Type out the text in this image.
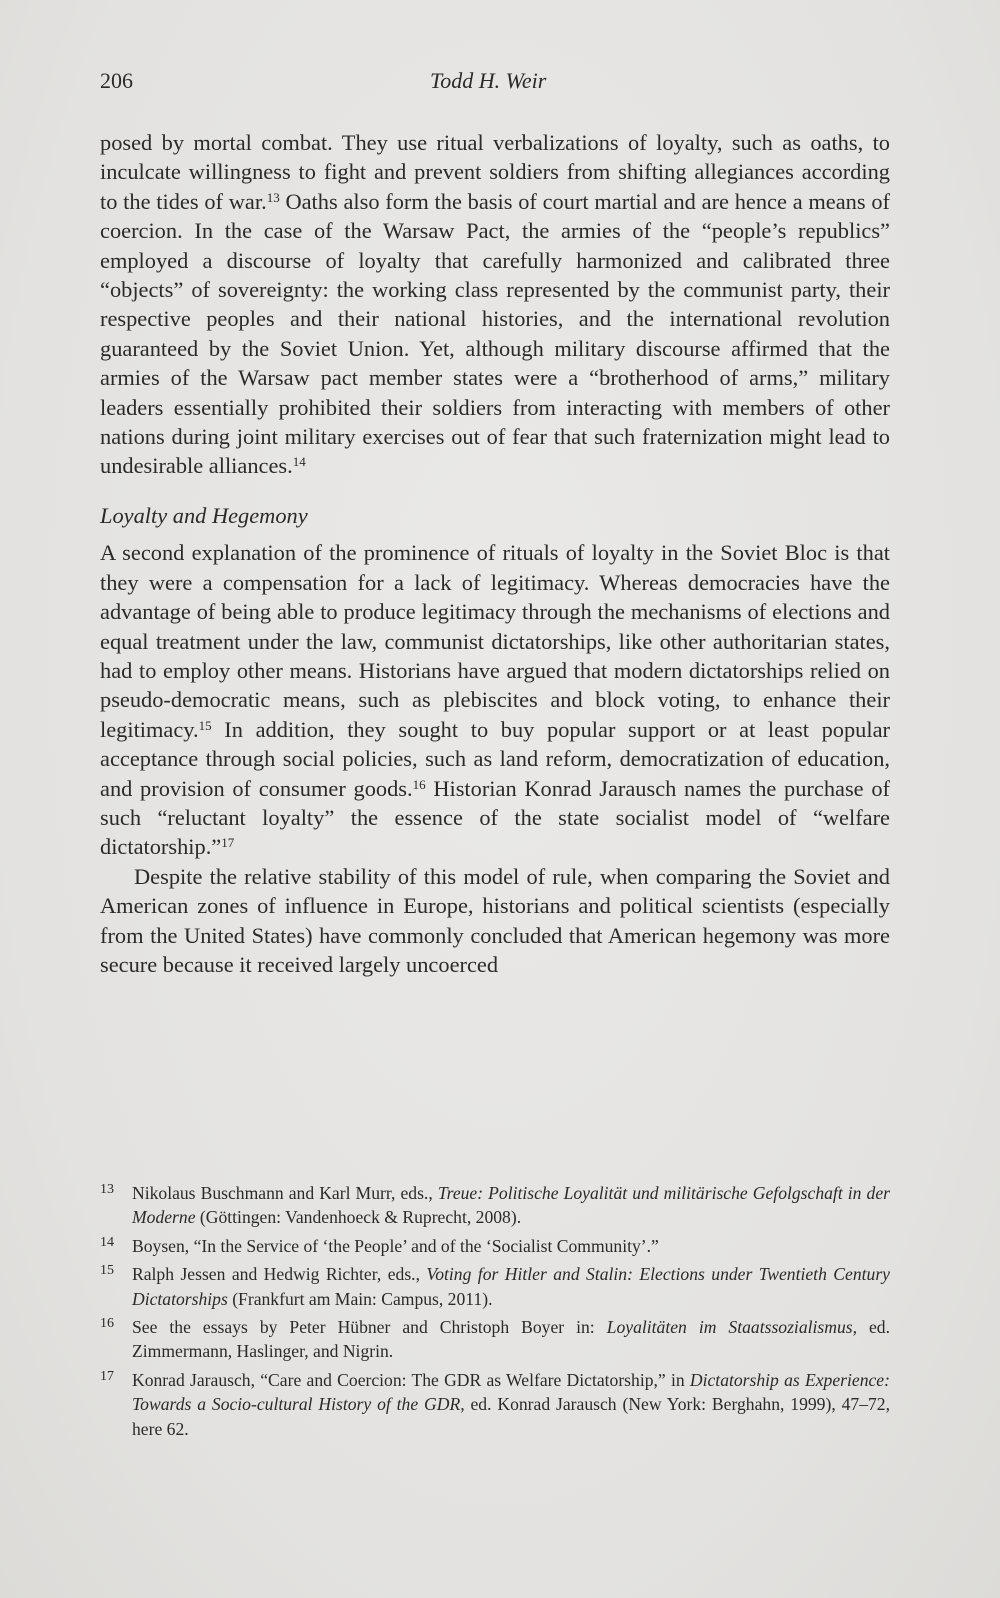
206	Todd H. Weir

posed by mortal combat. They use ritual verbalizations of loyalty, such as oaths, to inculcate willingness to fight and prevent soldiers from shifting allegiances according to the tides of war.$^{13}$ Oaths also form the basis of court martial and are hence a means of coercion. In the case of the Warsaw Pact, the armies of the “people’s republics” employed a discourse of loyalty that carefully harmonized and calibrated three “objects” of sovereignty: the working class represented by the communist party, their respective peoples and their national histories, and the international revolution guaranteed by the Soviet Union. Yet, although military discourse affirmed that the armies of the Warsaw pact member states were a “brotherhood of arms,” military leaders essentially prohibited their soldiers from interacting with members of other nations during joint military exercises out of fear that such fraternization might lead to undesirable alliances.$^{14}$

Loyalty and Hegemony

A second explanation of the prominence of rituals of loyalty in the Soviet Bloc is that they were a compensation for a lack of legitimacy. Whereas democracies have the advantage of being able to produce legitimacy through the mechanisms of elections and equal treatment under the law, communist dictatorships, like other authoritarian states, had to employ other means. Historians have argued that modern dictatorships relied on pseudo-democratic means, such as plebiscites and block voting, to enhance their legitimacy.$^{15}$ In addition, they sought to buy popular support or at least popular acceptance through social policies, such as land reform, democratization of education, and provision of consumer goods.$^{16}$ Historian Konrad Jarausch names the purchase of such “reluctant loyalty” the essence of the state socialist model of “welfare dictatorship.”$^{17}$

Despite the relative stability of this model of rule, when comparing the Soviet and American zones of influence in Europe, historians and political scientists (especially from the United States) have commonly concluded that American hegemony was more secure because it received largely uncoerced

13 Nikolaus Buschmann and Karl Murr, eds., Treue: Politische Loyalität und militärische Gefolgschaft in der Moderne (Göttingen: Vandenhoeck & Ruprecht, 2008).
14 Boysen, “In the Service of ‘the People’ and of the ‘Socialist Community’.”
15 Ralph Jessen and Hedwig Richter, eds., Voting for Hitler and Stalin: Elections under Twentieth Century Dictatorships (Frankfurt am Main: Campus, 2011).
16 See the essays by Peter Hübner and Christoph Boyer in: Loyalitäten im Staatssozialismus, ed. Zimmermann, Haslinger, and Nigrin.
17 Konrad Jarausch, “Care and Coercion: The GDR as Welfare Dictatorship,” in Dictatorship as Experience: Towards a Socio-cultural History of the GDR, ed. Konrad Jarausch (New York: Berghahn, 1999), 47–72, here 62.
